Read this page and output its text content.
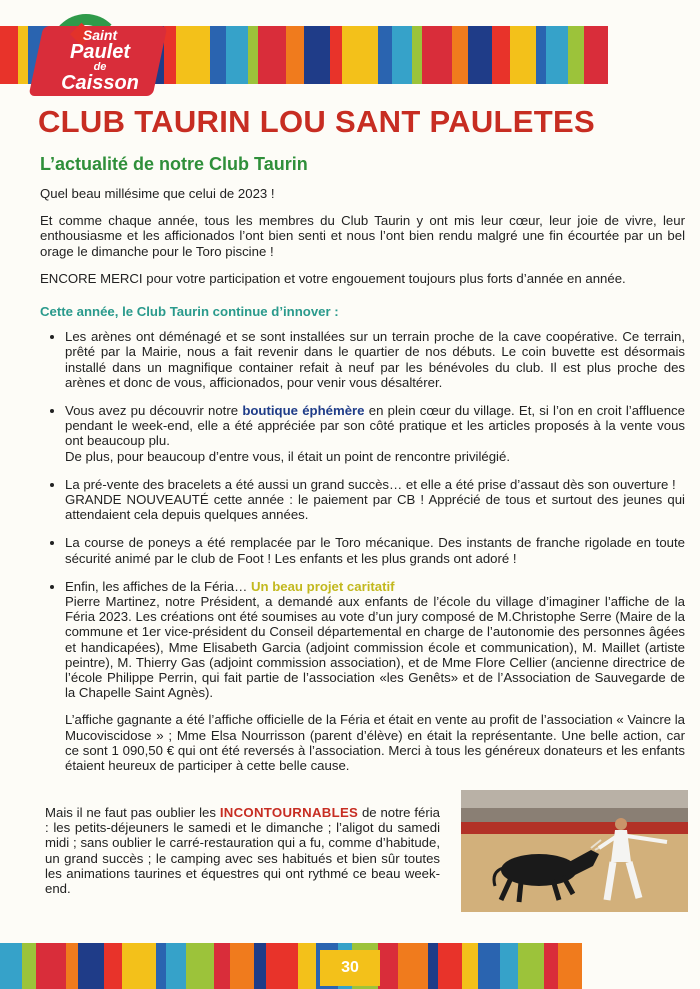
◆
Saint
Paulet
de
Caisson
CLUB TAURIN LOU SANT PAULETES
L’actualité de notre Club Taurin

Quel beau millésime que celui de 2023 !

Et comme chaque année, tous les membres du Club Taurin y ont mis leur cœur, leur joie de vivre, leur enthousiasme et les afficionados l’ont bien senti et nous l’ont bien rendu malgré une fin écourtée par un bel orage le dimanche pour le Toro piscine !

ENCORE MERCI pour votre participation et votre engouement toujours plus forts d’année en année.

Cette année, le Club Taurin continue d’innover :

• Les arènes ont déménagé et se sont installées sur un terrain proche de la cave coopérative. Ce terrain, prêté par la Mairie, nous a fait revenir dans le quartier de nos débuts. Le coin buvette est désormais installé dans un magnifique container refait à neuf par les bénévoles du club. Il est plus proche des arènes et donc de vous, afficionados, pour venir vous désaltérer.
• Vous avez pu découvrir notre boutique éphémère en plein cœur du village. Et, si l’on en croit l’affluence pendant le week-end, elle a été appréciée par son côté pratique et les articles proposés à la vente vous ont beaucoup plu.

De plus, pour beaucoup d’entre vous, il était un point de rencontre privilégié.

• La pré-vente des bracelets a été aussi un grand succès… et elle a été prise d’assaut dès son ouverture !

GRANDE NOUVEAUTÉ cette année : le paiement par CB ! Apprécié de tous et surtout des jeunes qui attendaient cela depuis quelques années.

• La course de poneys a été remplacée par le Toro mécanique. Des instants de franche rigolade en toute sécurité animé par le club de Foot ! Les enfants et les plus grands ont adoré !
• Enfin, les affiches de la Féria… Un beau projet caritatif

Pierre Martinez, notre Président, a demandé aux enfants de l’école du village d’imaginer l’affiche de la Féria 2023. Les créations ont été soumises au vote d’un jury composé de M.Christophe Serre (Maire de la commune et 1er vice-président du Conseil départemental en charge de l’autonomie des personnes âgées et handicapées), Mme Elisabeth Garcia (adjoint commission école et communication), M. Maillet (artiste peintre), M. Thierry Gas (adjoint commission association), et de Mme Flore Cellier (ancienne directrice de l’école Philippe Perrin, qui fait partie de l’association «les Genêts» et de l’Association de Sauvegarde de la Chapelle Saint Agnès).

L’affiche gagnante a été l’affiche officielle de la Féria et était en vente au profit de l’association « Vaincre la Mucoviscidose » ; Mme Elsa Nourrisson (parent d’élève) en était la représentante. Une belle action, car ce sont 1 090,50 € qui ont été reversés à l’association. Merci à tous les généreux donateurs et les enfants étaient heureux de participer à cette belle cause.

Mais il ne faut pas oublier les INCONTOURNABLES de notre féria : les petits-déjeuners le samedi et le dimanche ; l’aligot du samedi midi ; sans oublier le carré-restauration qui a fu, comme d’habitude, un grand succès ; le camping avec ses habitués et bien sûr toutes les animations taurines et équestres qui ont rythmé ce beau week-end.
30
